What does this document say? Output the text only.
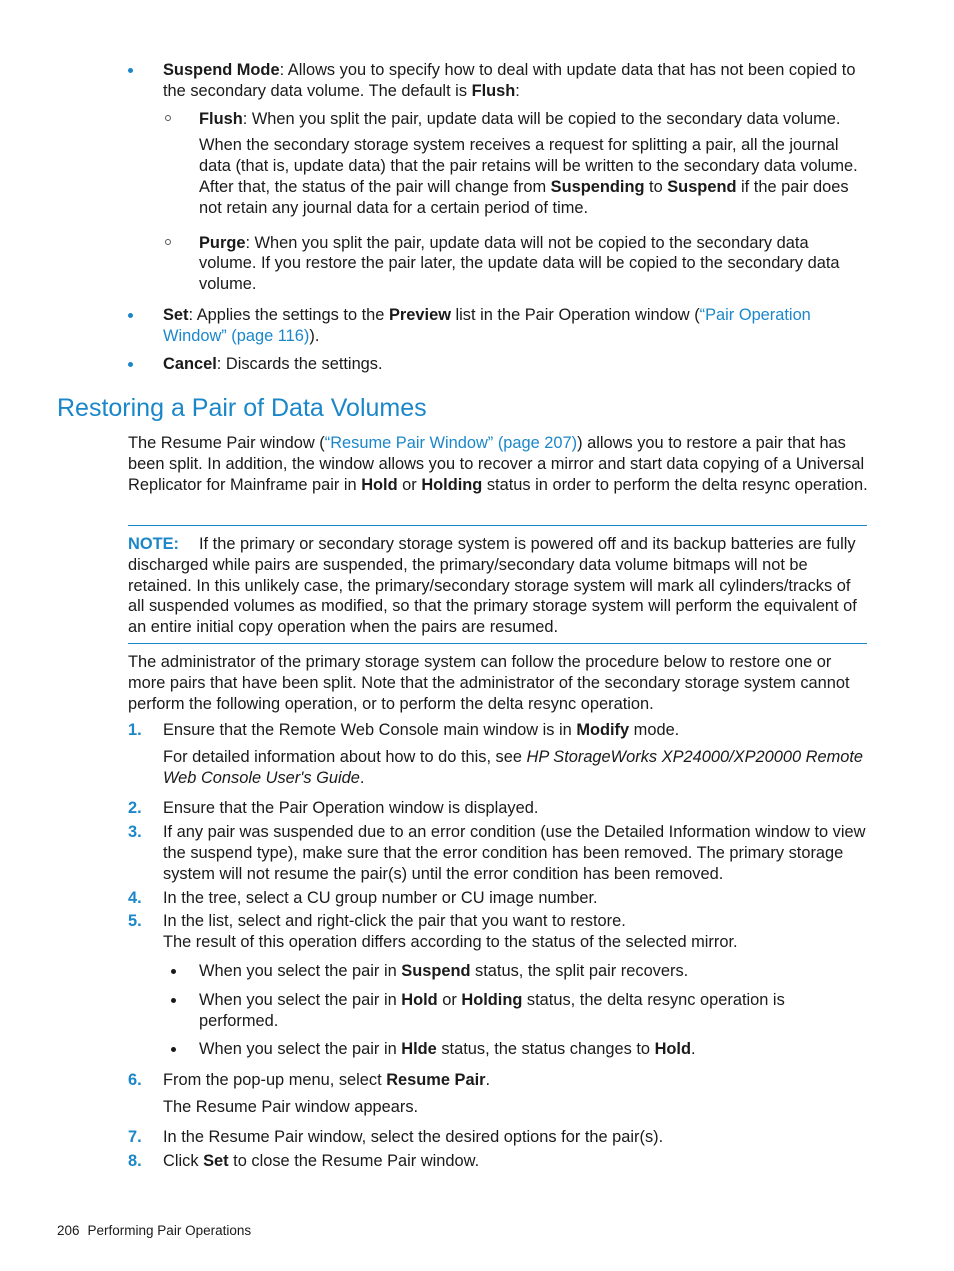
Suspend Mode: Allows you to specify how to deal with update data that has not been copied to the secondary data volume. The default is Flush:
Flush: When you split the pair, update data will be copied to the secondary data volume.

When the secondary storage system receives a request for splitting a pair, all the journal data (that is, update data) that the pair retains will be written to the secondary data volume. After that, the status of the pair will change from Suspending to Suspend if the pair does not retain any journal data for a certain period of time.

Purge: When you split the pair, update data will not be copied to the secondary data volume. If you restore the pair later, the update data will be copied to the secondary data volume.
Set: Applies the settings to the Preview list in the Pair Operation window (“Pair Operation Window” (page 116)).
Cancel: Discards the settings.
Restoring a Pair of Data Volumes
The Resume Pair window (“Resume Pair Window” (page 207)) allows you to restore a pair that has been split. In addition, the window allows you to recover a mirror and start data copying of a Universal Replicator for Mainframe pair in Hold or Holding status in order to perform the delta resync operation.
NOTE: If the primary or secondary storage system is powered off and its backup batteries are fully discharged while pairs are suspended, the primary/secondary data volume bitmaps will not be retained. In this unlikely case, the primary/secondary storage system will mark all cylinders/tracks of all suspended volumes as modified, so that the primary storage system will perform the equivalent of an entire initial copy operation when the pairs are resumed.
The administrator of the primary storage system can follow the procedure below to restore one or more pairs that have been split. Note that the administrator of the secondary storage system cannot perform the following operation, or to perform the delta resync operation.
1. Ensure that the Remote Web Console main window is in Modify mode.
For detailed information about how to do this, see HP StorageWorks XP24000/XP20000 Remote Web Console User's Guide.
2. Ensure that the Pair Operation window is displayed.
3. If any pair was suspended due to an error condition (use the Detailed Information window to view the suspend type), make sure that the error condition has been removed. The primary storage system will not resume the pair(s) until the error condition has been removed.
4. In the tree, select a CU group number or CU image number.
5. In the list, select and right-click the pair that you want to restore.
The result of this operation differs according to the status of the selected mirror.
When you select the pair in Suspend status, the split pair recovers.
When you select the pair in Hold or Holding status, the delta resync operation is performed.
When you select the pair in Hlde status, the status changes to Hold.
6. From the pop-up menu, select Resume Pair.
The Resume Pair window appears.
7. In the Resume Pair window, select the desired options for the pair(s).
8. Click Set to close the Resume Pair window.
206 Performing Pair Operations
